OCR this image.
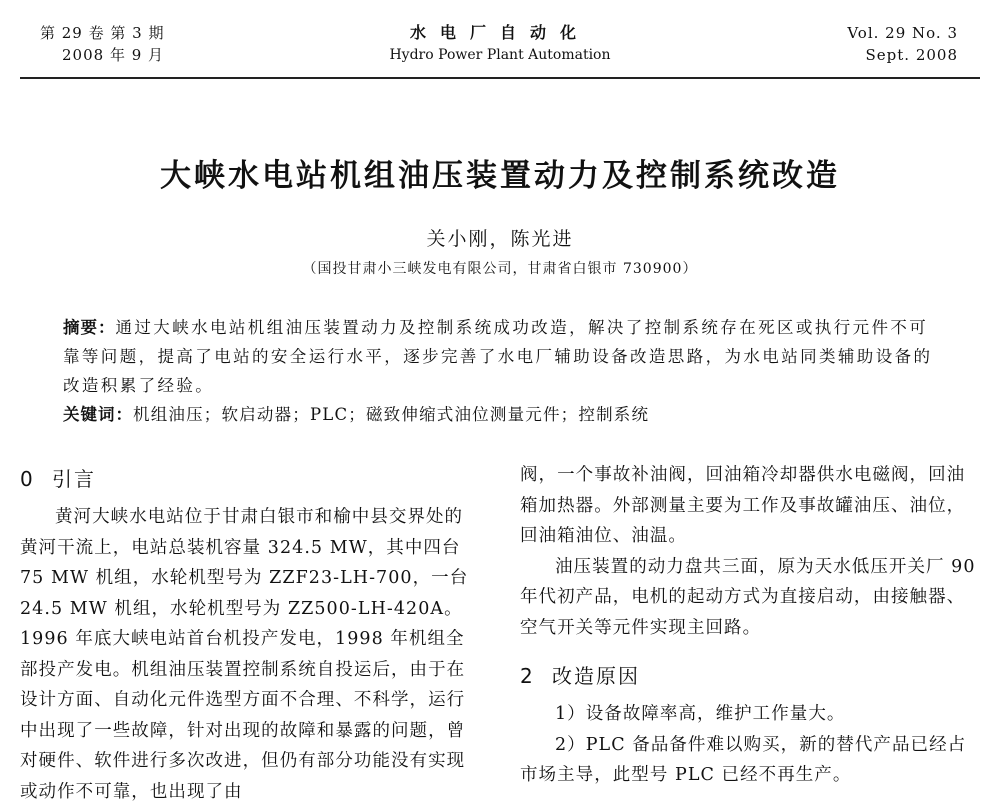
第 29 卷 第 3 期
2008 年 9 月
水电厂自动化
Hydro Power Plant Automation
Vol. 29 No. 3
Sept. 2008
大峡水电站机组油压装置动力及控制系统改造
关小刚，陈光进
（国投甘肃小三峡发电有限公司，甘肃省白银市 730900）
摘要：通过大峡水电站机组油压装置动力及控制系统成功改造，解决了控制系统存在死区或执行元件不可靠等问题，提高了电站的安全运行水平，逐步完善了水电厂辅助设备改造思路，为水电站同类辅助设备的改造积累了经验。
关键词：机组油压；软启动器；PLC；磁致伸缩式油位测量元件；控制系统
0 引言

黄河大峡水电站位于甘肃白银市和榆中县交界处的黄河干流上，电站总装机容量 324.5 MW，其中四台 75 MW 机组，水轮机型号为 ZZF23-LH-700，一台 24.5 MW 机组，水轮机型号为 ZZ500-LH-420A。1996 年底大峡电站首台机投产发电，1998 年机组全部投产发电。机组油压装置控制系统自投运后，由于在设计方面、自动化元件选型方面不合理、不科学，运行中出现了一些故障，针对出现的故障和暴露的问题，曾对硬件、软件进行多次改进，但仍有部分功能没有实现或动作不可靠，也出现了由

阀，一个事故补油阀，回油箱冷却器供水电磁阀，回油箱加热器。外部测量主要为工作及事故罐油压、油位，回油箱油位、油温。

油压装置的动力盘共三面，原为天水低压开关厂 90 年代初产品，电机的起动方式为直接启动，由接触器、空气开关等元件实现主回路。

2 改造原因

1）设备故障率高，维护工作量大。

2）PLC 备品备件难以购买，新的替代产品已经占市场主导，此型号 PLC 已经不再生产。
